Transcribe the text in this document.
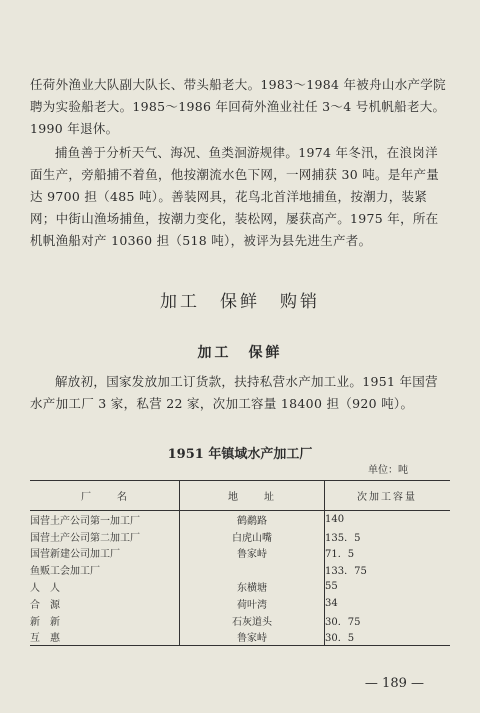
任荷外渔业大队副大队长、带头船老大。1983～1984 年被舟山水产学院聘为实验船老大。1985～1986 年回荷外渔业社任 3～4 号机帆船老大。1990 年退休。

捕鱼善于分析天气、海况、鱼类洄游规律。1974 年冬汛，在浪岗洋面生产，旁船捕不着鱼，他按潮流水色下网，一网捕获 30 吨。是年产量达 9700 担（485 吨）。善装网具，花鸟北首洋地捕鱼，按潮力，装紧网；中街山渔场捕鱼，按潮力变化，装松网，屡获高产。1975 年，所在机帆渔船对产 10360 担（518 吨），被评为县先进生产者。

加工　保鲜　购销
加工　保鲜

解放初，国家发放加工订货款，扶持私营水产加工业。1951 年国营水产加工厂 3 家，私营 22 家，次加工容量 18400 担（920 吨）。

1951 年镇域水产加工厂

单位：吨

厂　　名	地　　址	次加工容量
国营土产公司第一加工厂	鹤鹬路	140
国营土产公司第二加工厂	白虎山嘴	135．5
国营新建公司加工厂	鲁家峙	71．5
鱼贩工会加工厂		133．75
人　人	东横塘	55
合　源	荷叶湾	34
新　新	石灰道头	30．75
互　惠	鲁家峙	30．5

— 189 —
